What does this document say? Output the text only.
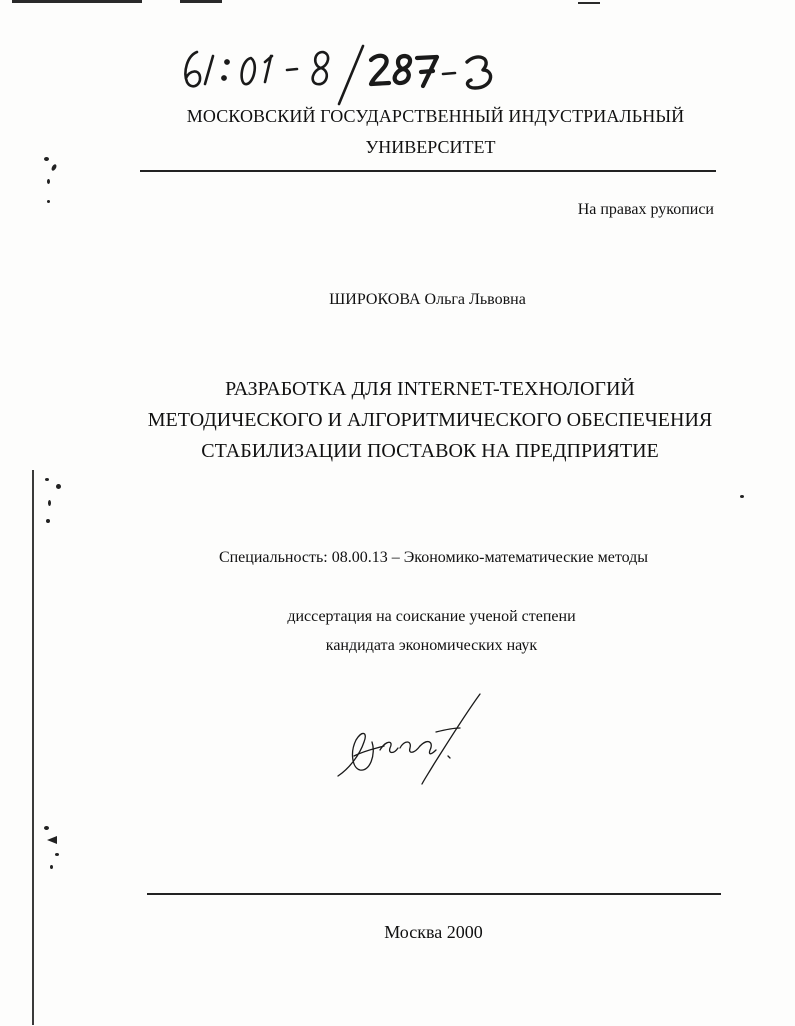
МОСКОВСКИЙ ГОСУДАРСТВЕННЫЙ ИНДУСТРИАЛЬНЫЙ
УНИВЕРСИТЕТ
На правах рукописи
ШИРОКОВА Ольга Львовна
РАЗРАБОТКА ДЛЯ INTERNET-ТЕХНОЛОГИЙ
МЕТОДИЧЕСКОГО И АЛГОРИТМИЧЕСКОГО ОБЕСПЕЧЕНИЯ
СТАБИЛИЗАЦИИ ПОСТАВОК НА ПРЕДПРИЯТИЕ
Специальность: 08.00.13 – Экономико-математические методы
диссертация на соискание ученой степени
кандидата экономических наук
Москва 2000
